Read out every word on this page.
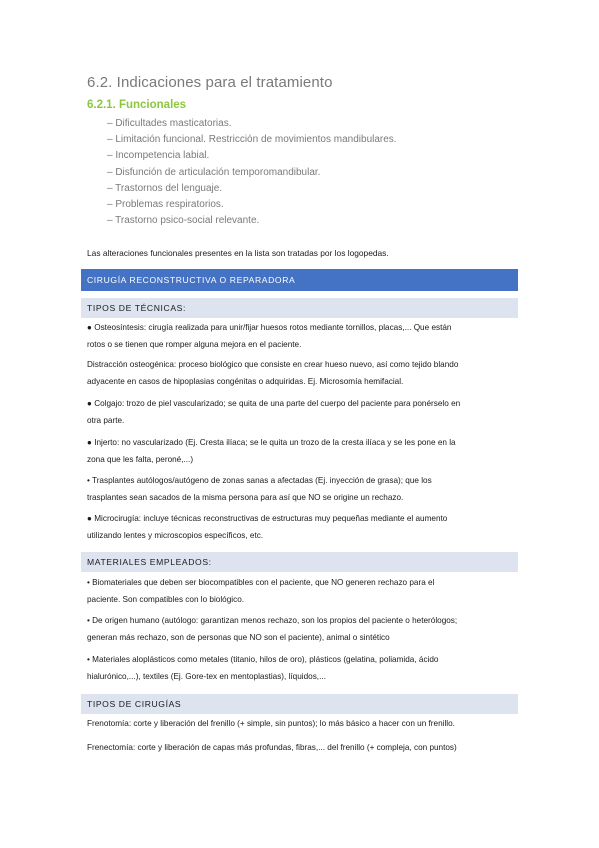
6.2. Indicaciones para el tratamiento
6.2.1. Funcionales
– Dificultades masticatorias.
– Limitación funcional. Restricción de movimientos mandibulares.
– Incompetencia labial.
– Disfunción de articulación temporomandibular.
– Trastornos del lenguaje.
– Problemas respiratorios.
– Trastorno psico-social relevante.
Las alteraciones funcionales presentes en la lista son tratadas por los logopedas.
CIRUGÍA RECONSTRUCTIVA O REPARADORA
TIPOS DE TÉCNICAS:
● Osteosíntesis: cirugía realizada para unir/fijar huesos rotos mediante tornillos, placas,... Que están
rotos o se tienen que romper alguna mejora en el paciente.
Distracción osteogénica: proceso biológico que consiste en crear hueso nuevo, así como tejido blando
adyacente en casos de hipoplasias congénitas o adquiridas. Ej. Microsomía hemifacial.
● Colgajo: trozo de piel vascularizado; se quita de una parte del cuerpo del paciente para ponérselo en
otra parte.
● Injerto: no vascularizado (Ej. Cresta ilíaca; se le quita un trozo de la cresta ilíaca y se les pone en la
zona que les falta, peroné,...)
• Trasplantes autólogos/autógeno de zonas sanas a afectadas (Ej. inyección de grasa); que los
trasplantes sean sacados de la misma persona para así que NO se origine un rechazo.
● Microcirugía: incluye técnicas reconstructivas de estructuras muy pequeñas mediante el aumento
utilizando lentes y microscopios específicos, etc.
MATERIALES EMPLEADOS:
• Biomateriales que deben ser biocompatibles con el paciente, que NO generen rechazo para el
paciente. Son compatibles con lo biológico.
• De origen humano (autólogo: garantizan menos rechazo, son los propios del paciente o heterólogos;
generan más rechazo, son de personas que NO son el paciente), animal o sintético
• Materiales aloplásticos como metales (titanio, hilos de oro), plásticos (gelatina, poliamida, ácido
hialurónico,...), textiles (Ej. Gore-tex en mentoplastias), líquidos,...
TIPOS DE CIRUGÍAS
Frenotomía: corte y liberación del frenillo (+ simple, sin puntos); lo más básico a hacer con un frenillo.
Frenectomía: corte y liberación de capas más profundas, fibras,... del frenillo (+ compleja, con puntos)
